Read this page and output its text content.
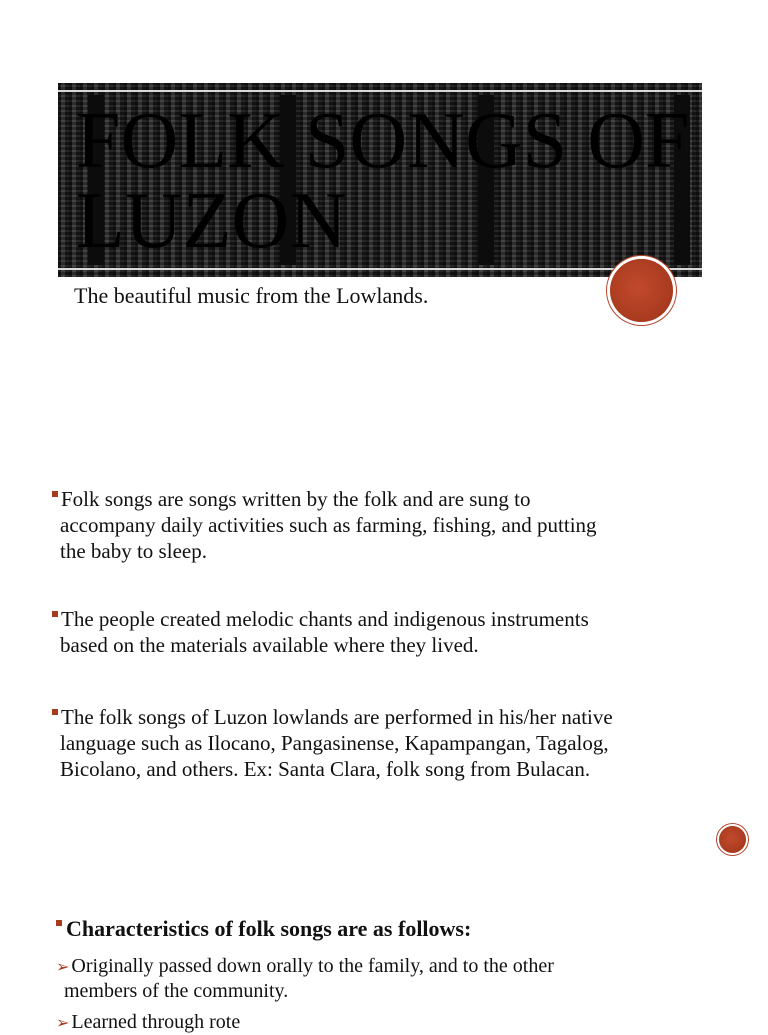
FOLK SONGS OF
LUZON
The beautiful music from the Lowlands.
Folk songs are songs written by the folk and are sung to
accompany daily activities such as farming, fishing, and putting
the baby to sleep.
The people created melodic chants and indigenous instruments
based on the materials available where they lived.
The folk songs of Luzon lowlands are performed in his/her native
language such as Ilocano, Pangasinense, Kapampangan, Tagalog,
Bicolano, and others. Ex: Santa Clara, folk song from Bulacan.
Characteristics of folk songs are as follows:
➢ Originally passed down orally to the family, and to the other
members of the community.
➢ Learned through rote
